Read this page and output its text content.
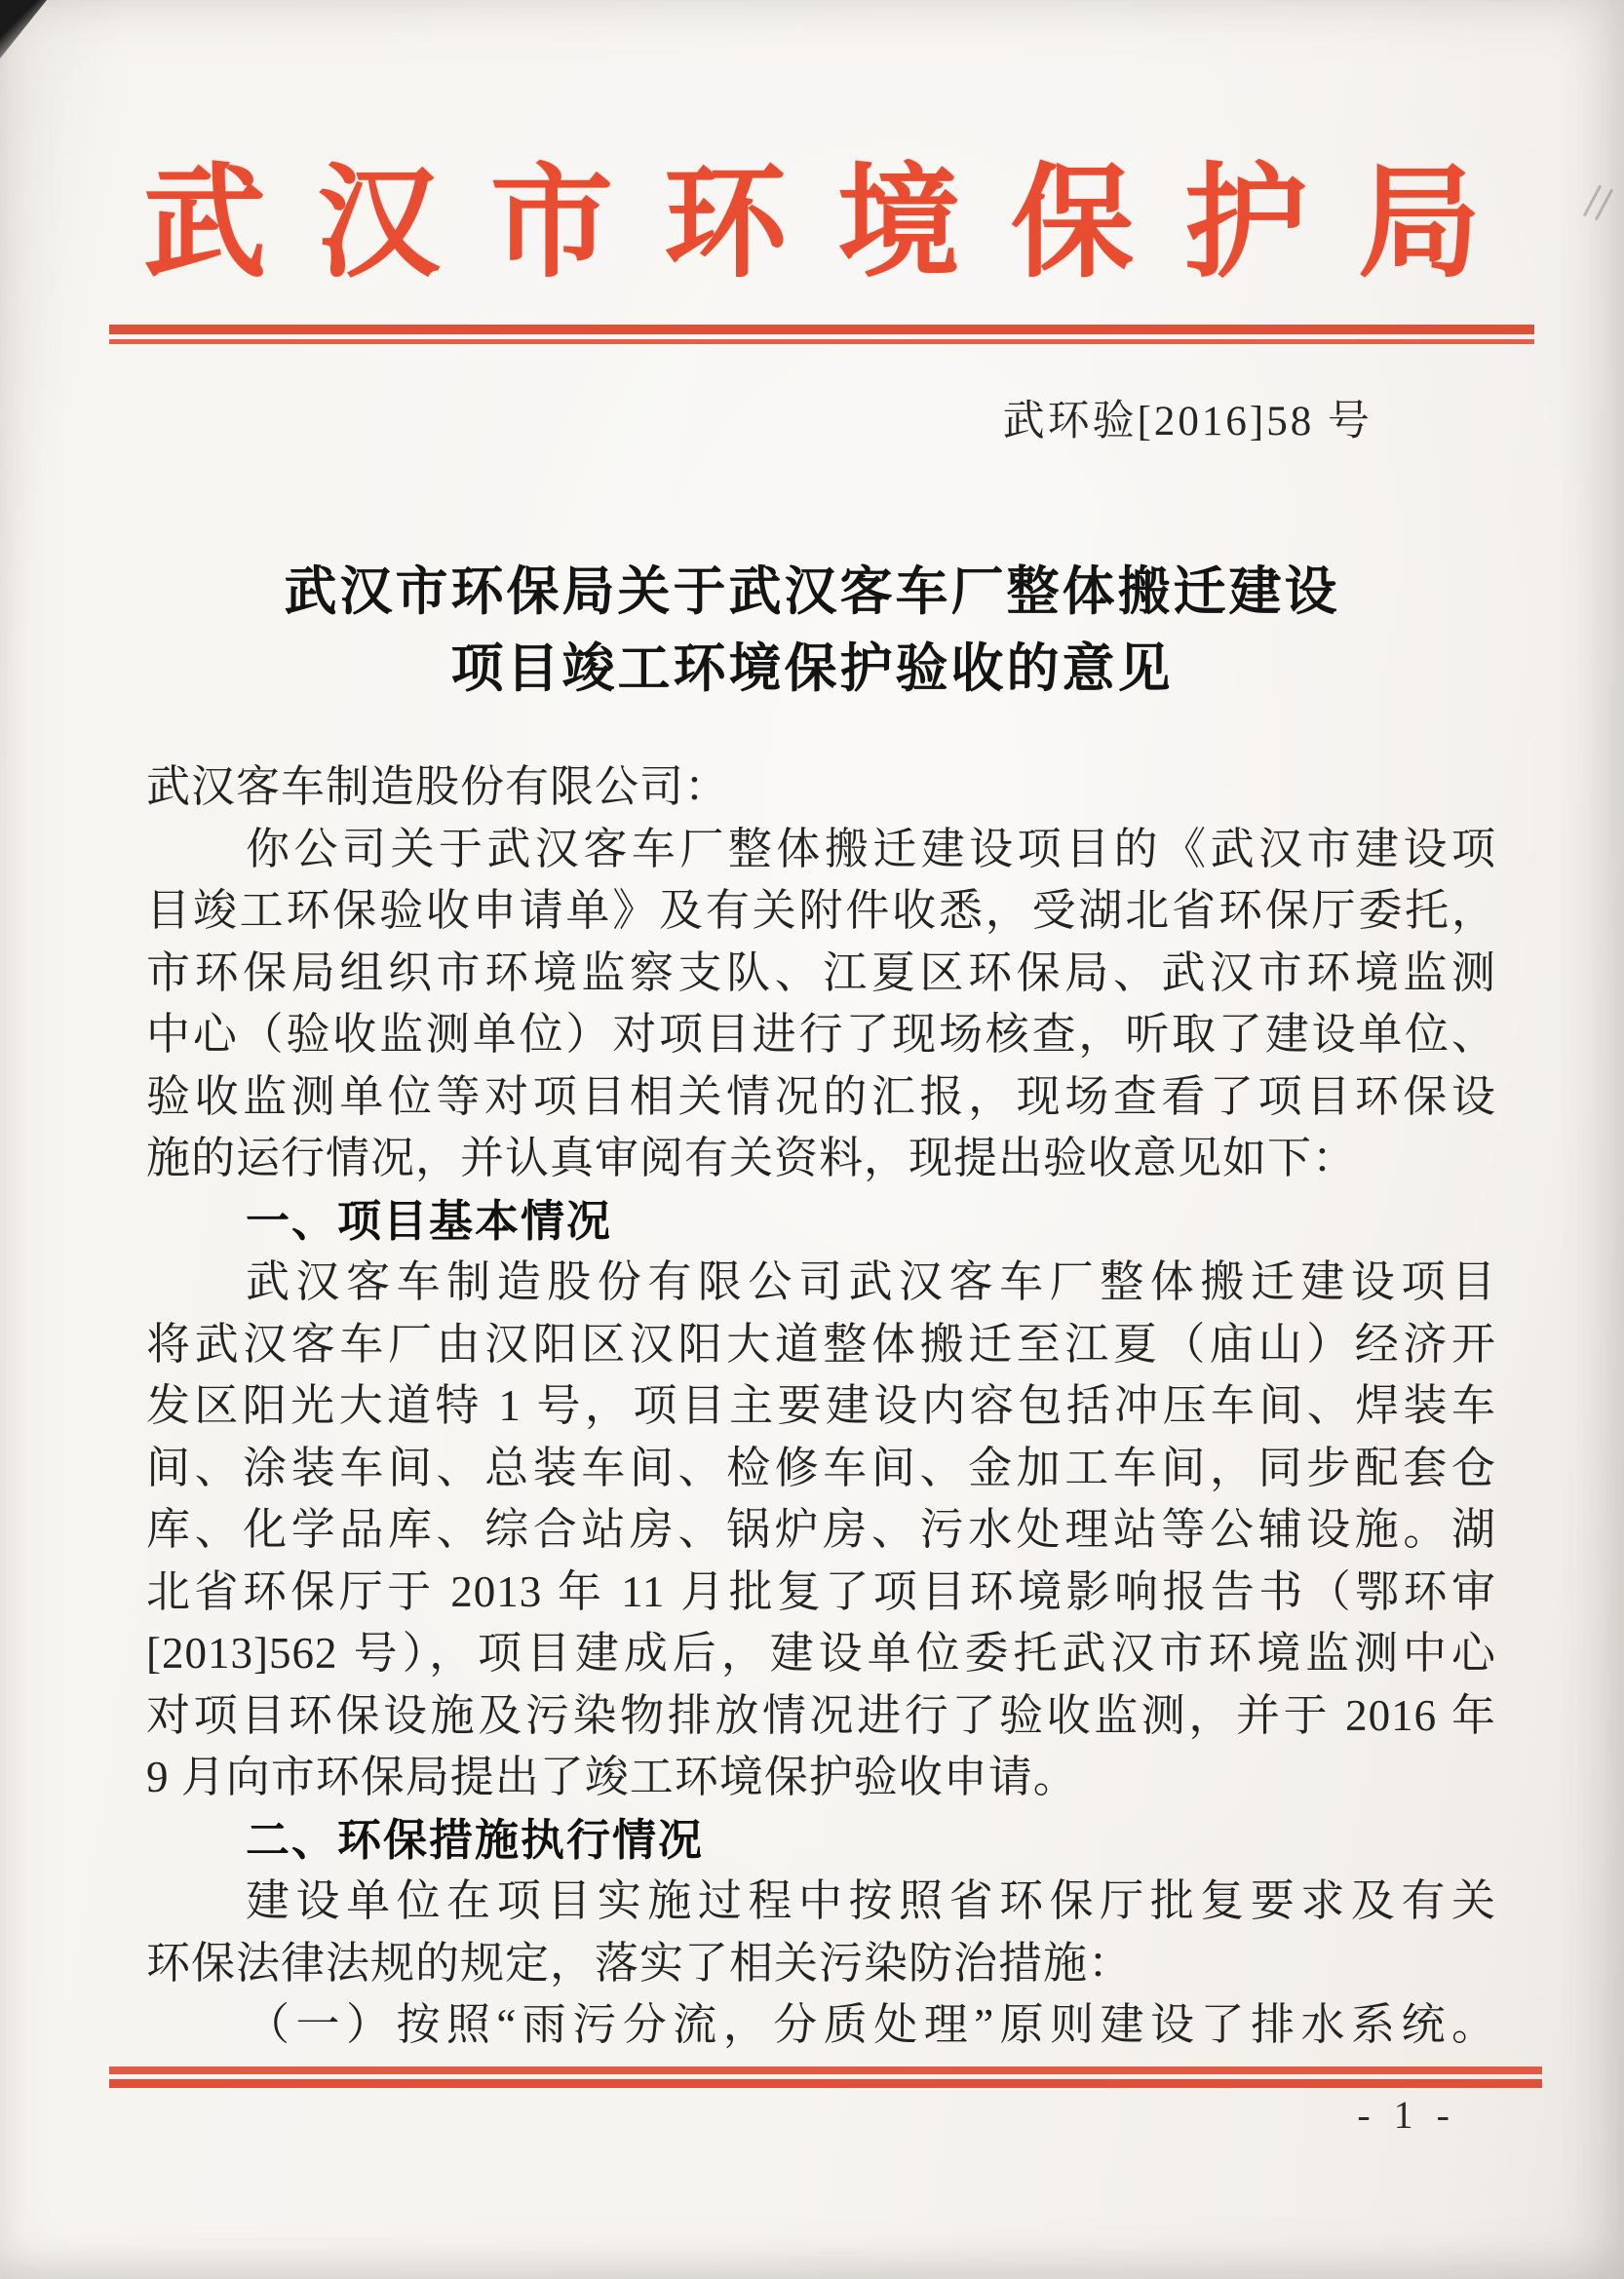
武汉市环境保护局
武环验[2016]58 号
武汉市环保局关于武汉客车厂整体搬迁建设
项目竣工环境保护验收的意见
武汉客车制造股份有限公司：
你公司关于武汉客车厂整体搬迁建设项目的《武汉市建设项
目竣工环保验收申请单》及有关附件收悉，受湖北省环保厅委托，
市环保局组织市环境监察支队、江夏区环保局、武汉市环境监测
中心（验收监测单位）对项目进行了现场核查，听取了建设单位、
验收监测单位等对项目相关情况的汇报，现场查看了项目环保设
施的运行情况，并认真审阅有关资料，现提出验收意见如下：
一、项目基本情况
武汉客车制造股份有限公司武汉客车厂整体搬迁建设项目
将武汉客车厂由汉阳区汉阳大道整体搬迁至江夏（庙山）经济开
发区阳光大道特 1 号，项目主要建设内容包括冲压车间、焊装车
间、涂装车间、总装车间、检修车间、金加工车间，同步配套仓
库、化学品库、综合站房、锅炉房、污水处理站等公辅设施。湖
北省环保厅于 2013 年 11 月批复了项目环境影响报告书（鄂环审
[2013]562 号），项目建成后，建设单位委托武汉市环境监测中心
对项目环保设施及污染物排放情况进行了验收监测，并于 2016 年
9 月向市环保局提出了竣工环境保护验收申请。
二、环保措施执行情况
建设单位在项目实施过程中按照省环保厅批复要求及有关
环保法律法规的规定，落实了相关污染防治措施：
（一）按照“雨污分流，分质处理”原则建设了排水系统。
- 1 -
